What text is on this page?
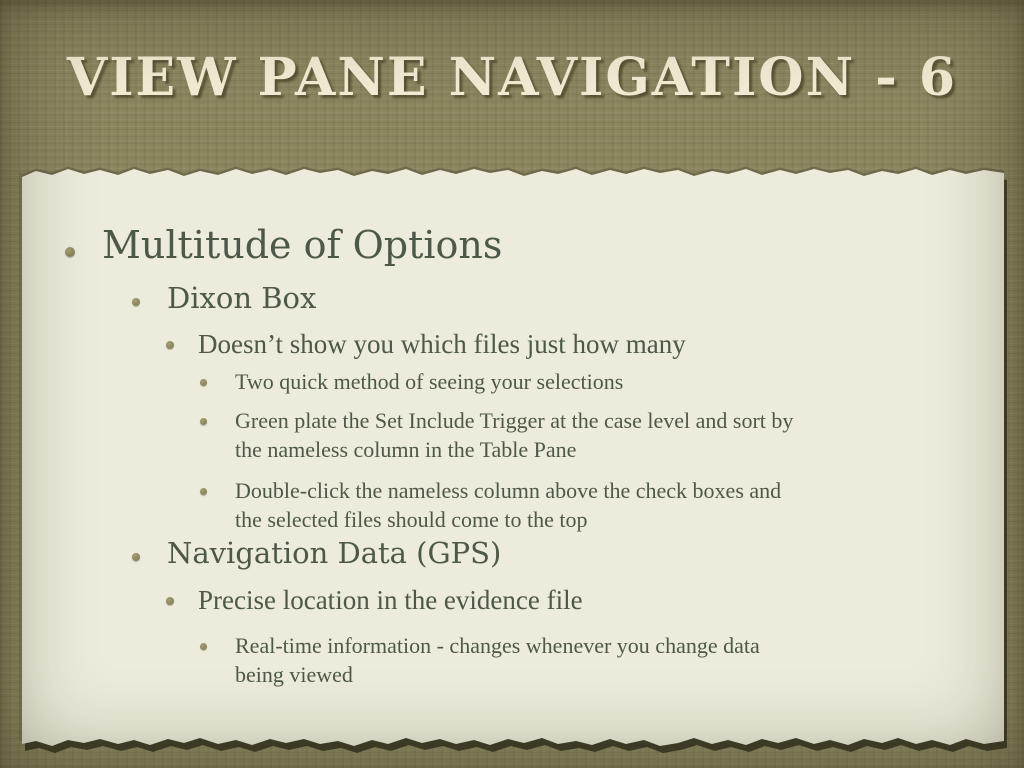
VIEW PANE NAVIGATION - 6
Multitude of Options
Dixon Box
Doesn’t show you which files just how many
Two quick method of seeing your selections
Green plate the Set Include Trigger at the case level and sort by
the nameless column in the Table Pane
Double-click the nameless column above the check boxes and
the selected files should come to the top
Navigation Data (GPS)
Precise location in the evidence file
Real-time information - changes whenever you change data
being viewed
